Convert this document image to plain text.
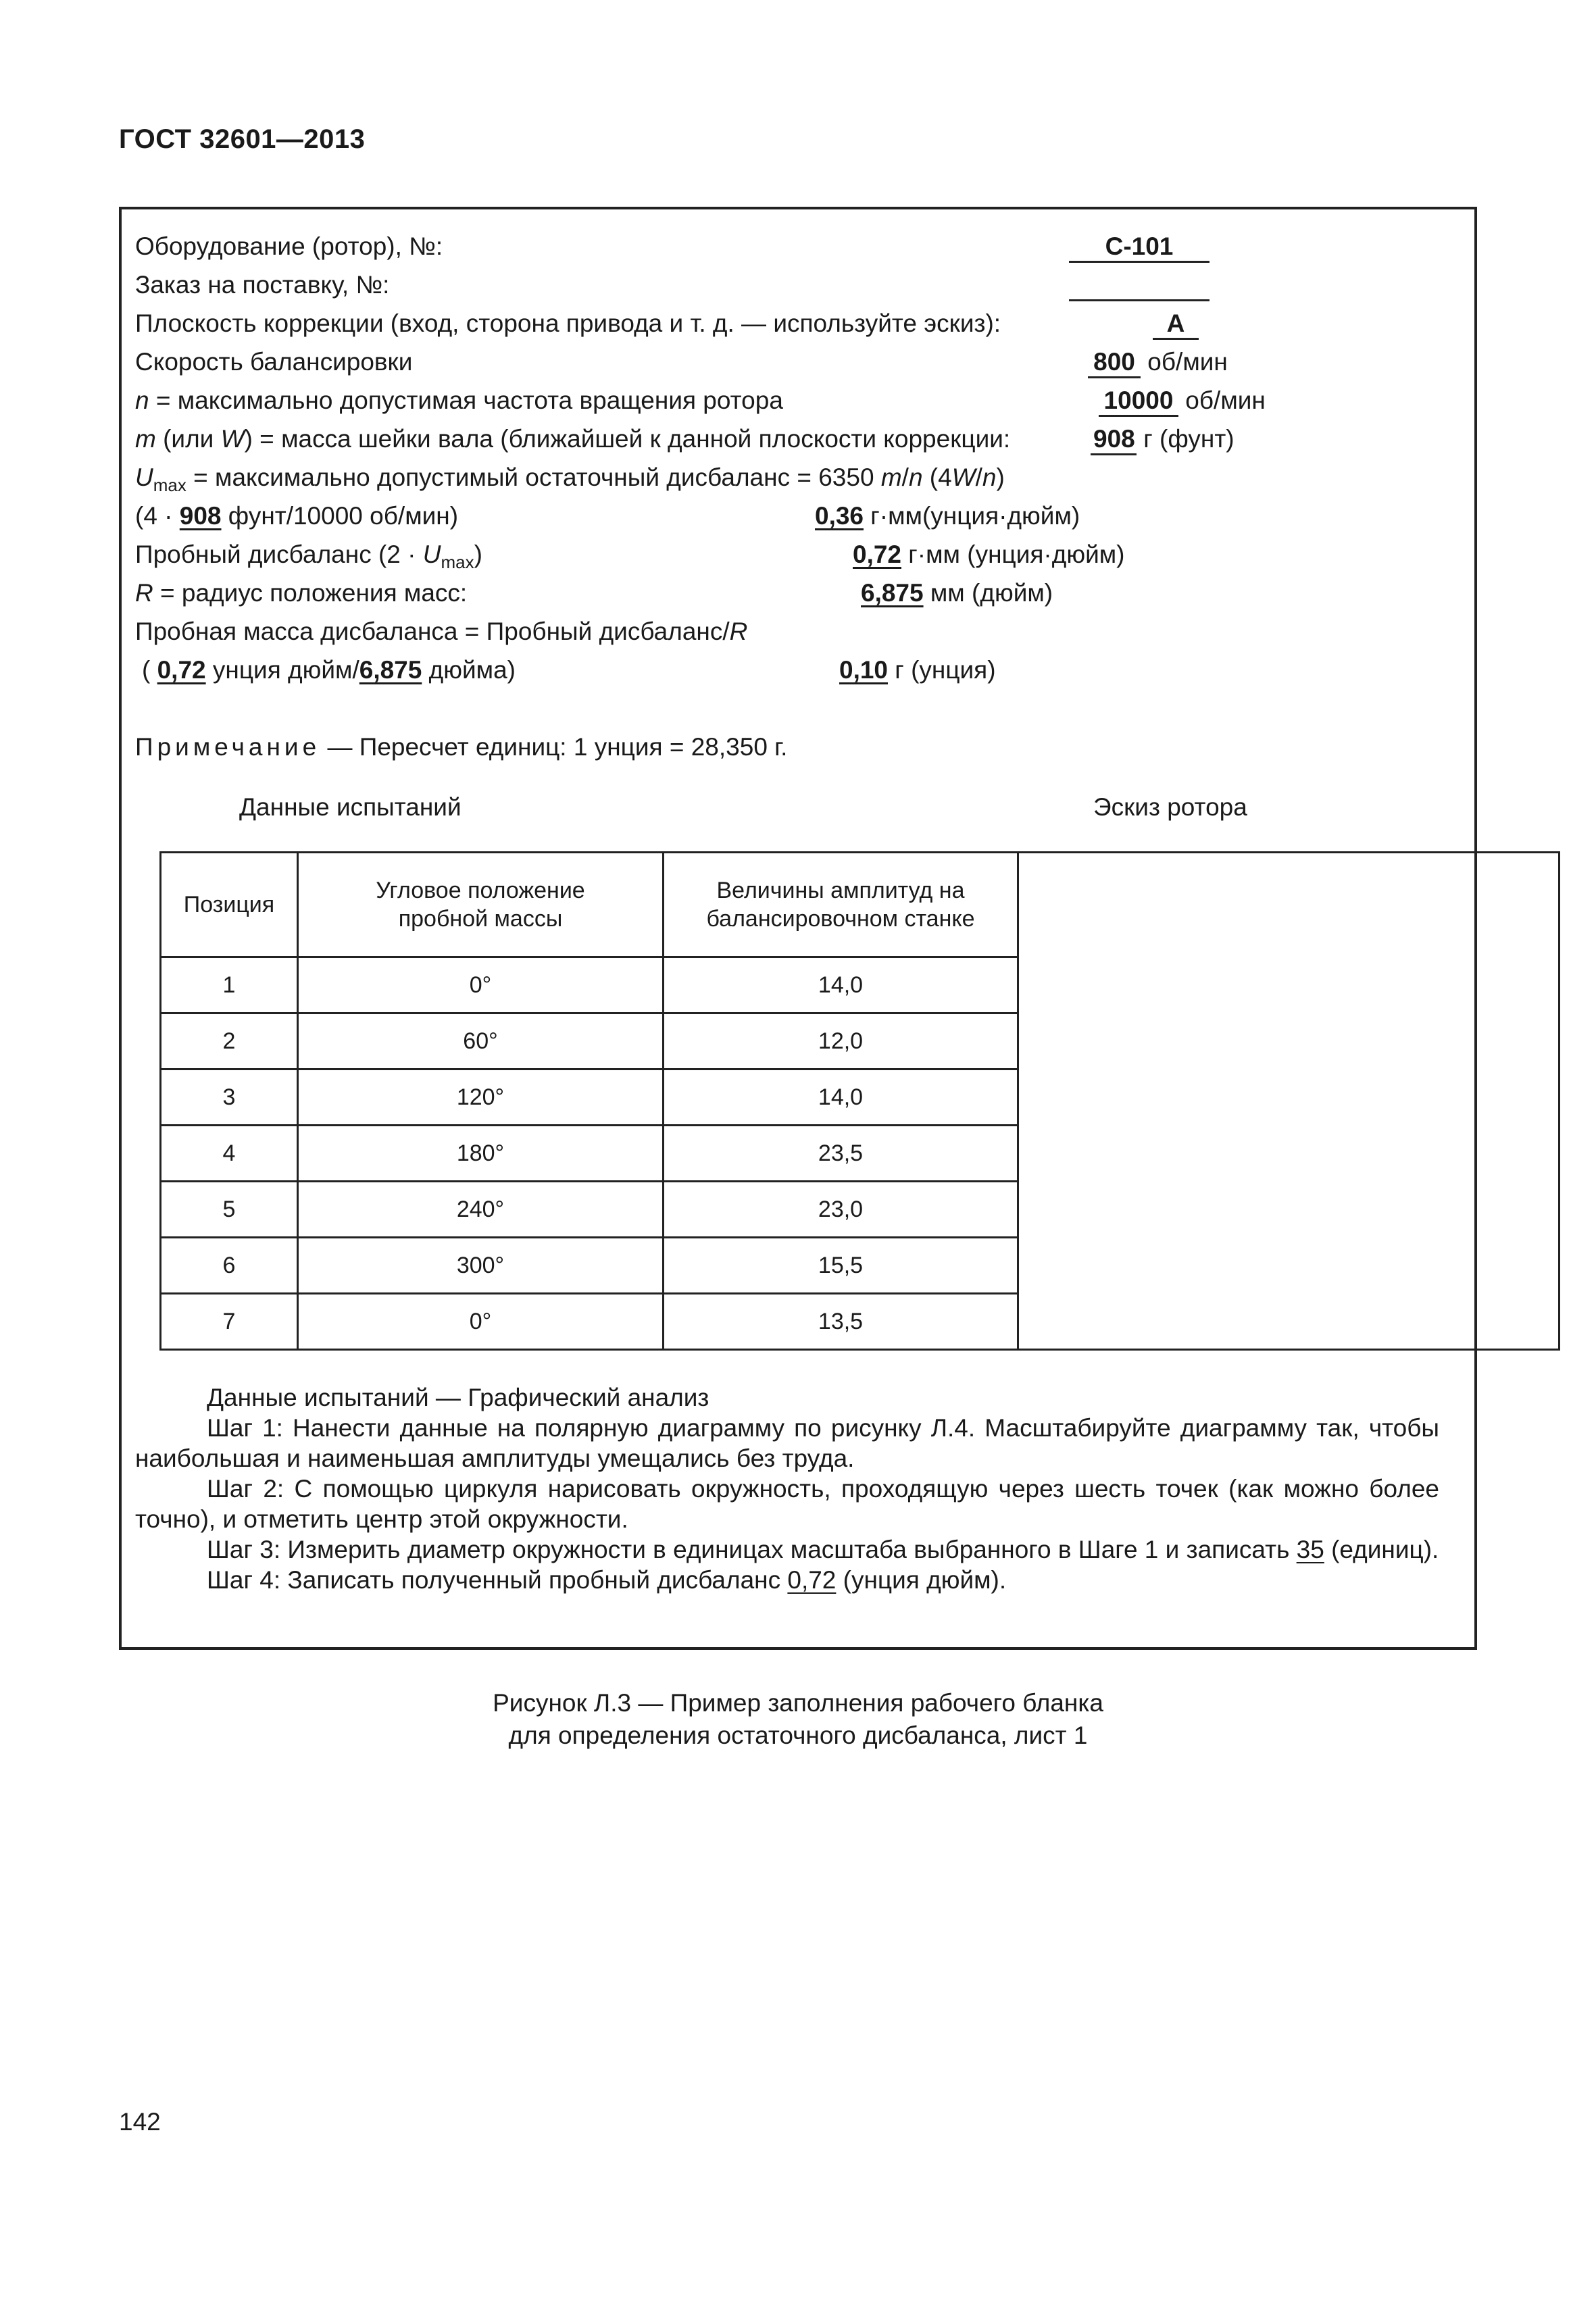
ГОСТ 32601—2013
Оборудование (ротор), №:	С-101
Заказ на поставку, №:
Плоскость коррекции (вход, сторона привода и т. д. — используйте эскиз):	А
Скорость балансировки	800 об/мин
n = максимально допустимая частота вращения ротора	10000 об/мин
m (или W) = масса шейки вала (ближайшей к данной плоскости коррекции:	908 г (фунт)
$U_{max}$ = максимально допустимый остаточный дисбаланс = 6350 m/n (4W/n)
(4 · 908 фунт/10000 об/мин)	0,36 г·мм(унция·дюйм)
Пробный дисбаланс $(2 \cdot U_{max})$	0,72 г·мм (унция·дюйм)
R = радиус положения масс:	6,875 мм (дюйм)
Пробная масса дисбаланса = Пробный дисбаланс/R
( 0,72 унция дюйм/6,875 дюйма)	0,10 г (унция)
Примечание — Пересчет единиц: 1 унция = 28,350 г.
Данные испытаний	Эскиз ротора
Позиция	Угловое положение пробной массы	Величины амплитуд на балансировочном станке	
1	0°	14,0	
2	60°	12,0	
3	120°	14,0	
4	180°	23,5	
5	240°	23,0	
6	300°	15,5	
7	0°	13,5	

Данные испытаний — Графический анализ

Шаг 1: Нанести данные на полярную диаграмму по рисунку Л.4. Масштабируйте диаграмму так, чтобы наибольшая и наименьшая амплитуды умещались без труда.

Шаг 2: С помощью циркуля нарисовать окружность, проходящую через шесть точек (как можно более точно), и отметить центр этой окружности.

Шаг 3: Измерить диаметр окружности в единицах масштаба выбранного в Шаге 1 и записать 35 (единиц).

Шаг 4: Записать полученный пробный дисбаланс 0,72 (унция дюйм).

Рисунок Л.3 — Пример заполнения рабочего бланка
для определения остаточного дисбаланса, лист 1
142
